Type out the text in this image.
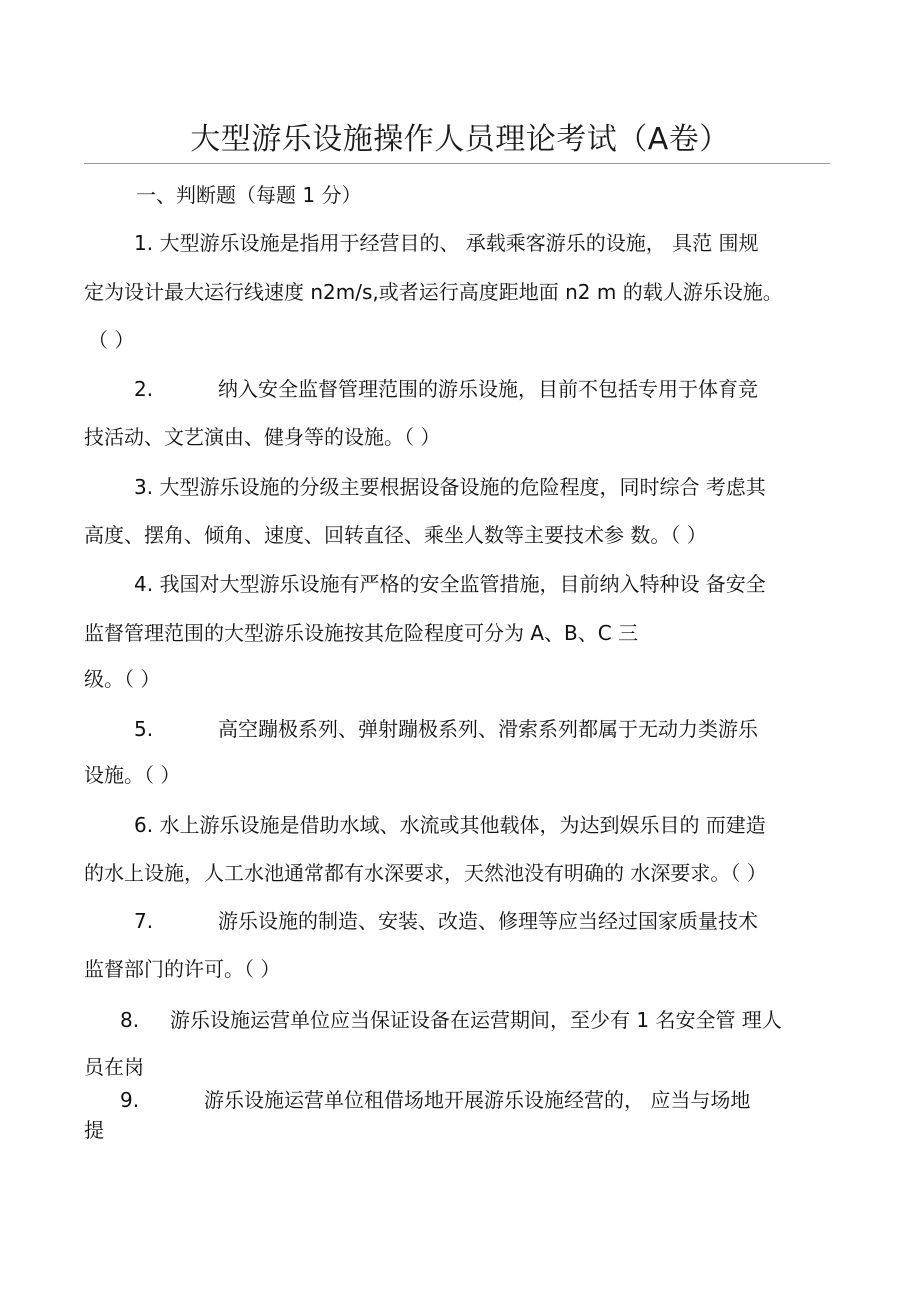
大型游乐设施操作人员理论考试（A卷）
一、判断题（每题 1 分）
1. 大型游乐设施是指用于经营目的、 承载乘客游乐的设施， 具范 围规
定为设计最大运行线速度 n2m/s,或者运行高度距地面 n2 m 的载人游乐设施。
（ ）
2.	纳入安全监督管理范围的游乐设施，目前不包括专用于体育竞
技活动、文艺演由、健身等的设施。（ ）
3. 大型游乐设施的分级主要根据设备设施的危险程度，同时综合 考虑其
高度、摆角、倾角、速度、回转直径、乘坐人数等主要技术参 数。（ ）
4. 我国对大型游乐设施有严格的安全监管措施，目前纳入特种设 备安全
监督管理范围的大型游乐设施按其危险程度可分为 A、B、C 三
级。（ ）
5.	高空蹦极系列、弹射蹦极系列、滑索系列都属于无动力类游乐
设施。（ ）
6. 水上游乐设施是借助水域、水流或其他载体，为达到娱乐目的 而建造
的水上设施，人工水池通常都有水深要求，天然池没有明确的 水深要求。（ ）
7.	游乐设施的制造、安装、改造、修理等应当经过国家质量技术
监督部门的许可。（ ）
8. 游乐设施运营单位应当保证设备在运营期间，至少有 1 名安全管 理人
员在岗
9.	游乐设施运营单位租借场地开展游乐设施经营的， 应当与场地
提
